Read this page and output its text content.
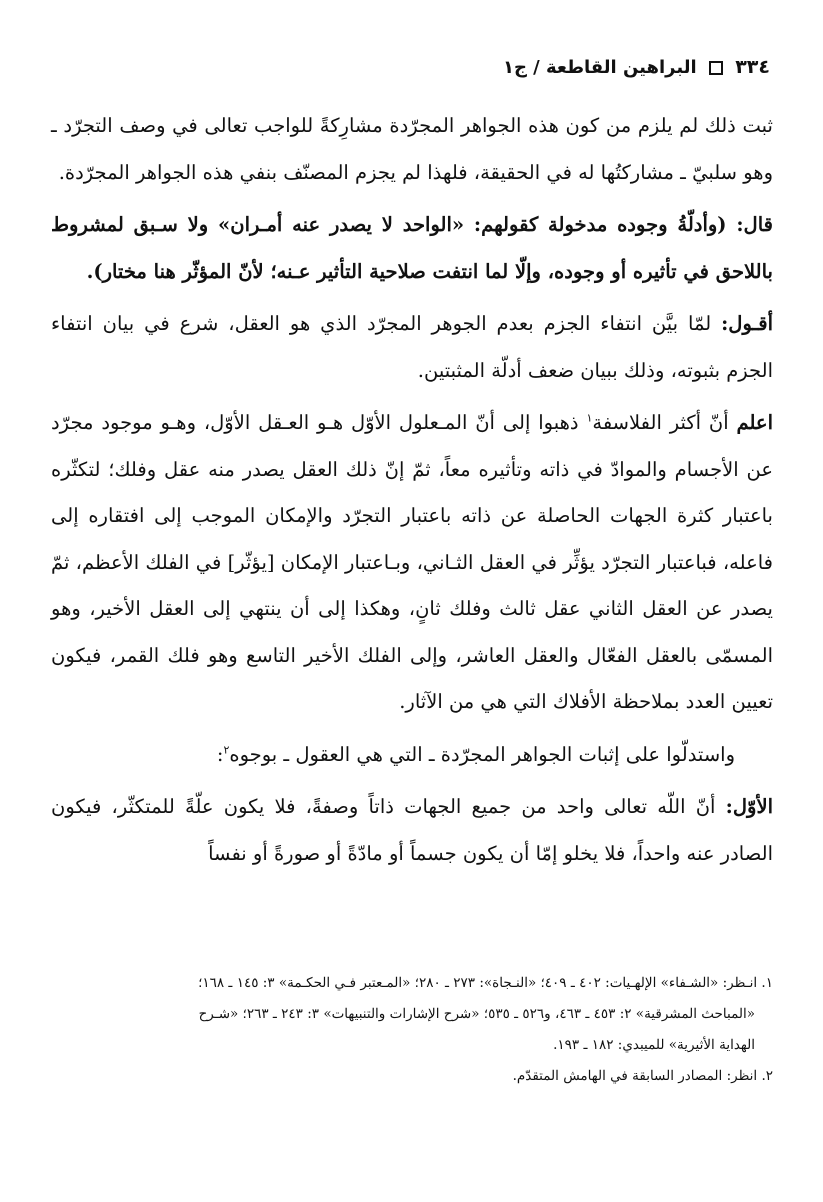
٣٣٤  البراهين القاطعة / ج١

ثبت ذلك لم يلزم من كون هذه الجواهر المجرّدة مشارِكةً للواجب تعالى في وصف التجرّد ـ وهو سلبيّ ـ مشاركتُها له في الحقيقة، فلهذا لم يجزم المصنّف بنفي هذه الجواهر المجرّدة.

قال: (وأدلّةُ وجوده مدخولة كقولهم: «الواحد لا يصدر عنه أمـران» ولا سـبق لمشروط باللاحق في تأثيره أو وجوده، وإلّا لما انتفت صلاحية التأثير عـنه؛ لأنّ المؤثّر هنا مختار).

أقـول: لمّا بيَّن انتفاء الجزم بعدم الجوهر المجرّد الذي هو العقل، شرع في بيان انتفاء الجزم بثبوته، وذلك ببيان ضعف أدلّة المثبتين.

اعلم أنّ أكثر الفلاسفة$^١$ ذهبوا إلى أنّ المـعلول الأوّل هـو العـقل الأوّل، وهـو موجود مجرّد عن الأجسام والموادّ في ذاته وتأثيره معاً، ثمّ إنّ ذلك العقل يصدر منه عقل وفلك؛ لتكثّره باعتبار كثرة الجهات الحاصلة عن ذاته باعتبار التجرّد والإمكان الموجب إلى افتقاره إلى فاعله، فباعتبار التجرّد يؤثِّر في العقل الثـاني، وبـاعتبار الإمكان [يؤثّر] في الفلك الأعظم، ثمّ يصدر عن العقل الثاني عقل ثالث وفلك ثانٍ، وهكذا إلى أن ينتهي إلى العقل الأخير، وهو المسمّى بالعقل الفعّال والعقل العاشر، وإلى الفلك الأخير التاسع وهو فلك القمر، فيكون تعيين العدد بملاحظة الأفلاك التي هي من الآثار.

واستدلّوا على إثبات الجواهر المجرّدة ـ التي هي العقول ـ بوجوه$^٢$:

الأوّل: أنّ اللّه تعالى واحد من جميع الجهات ذاتاً وصفةً، فلا يكون علّةً للمتكثّر، فيكون الصادر عنه واحداً، فلا يخلو إمّا أن يكون جسماً أو مادّةً أو صورةً أو نفساً

١. انـظر: «الشـفاء» الإلهـيات: ٤٠٢ ـ ٤٠٩؛ «النـجاة»: ٢٧٣ ـ ٢٨٠؛ «المـعتبر فـي الحكـمة» ٣: ١٤٥ ـ ١٦٨؛
«المباحث المشرقية» ٢: ٤٥٣ ـ ٤٦٣، و٥٢٦ ـ ٥٣٥؛ «شرح الإشارات والتنبيهات» ٣: ٢٤٣ ـ ٢٦٣؛ «شـرح
الهداية الأثيرية» للميبدي: ١٨٢ ـ ١٩٣.
٢. انظر: المصادر السابقة في الهامش المتقدّم.
